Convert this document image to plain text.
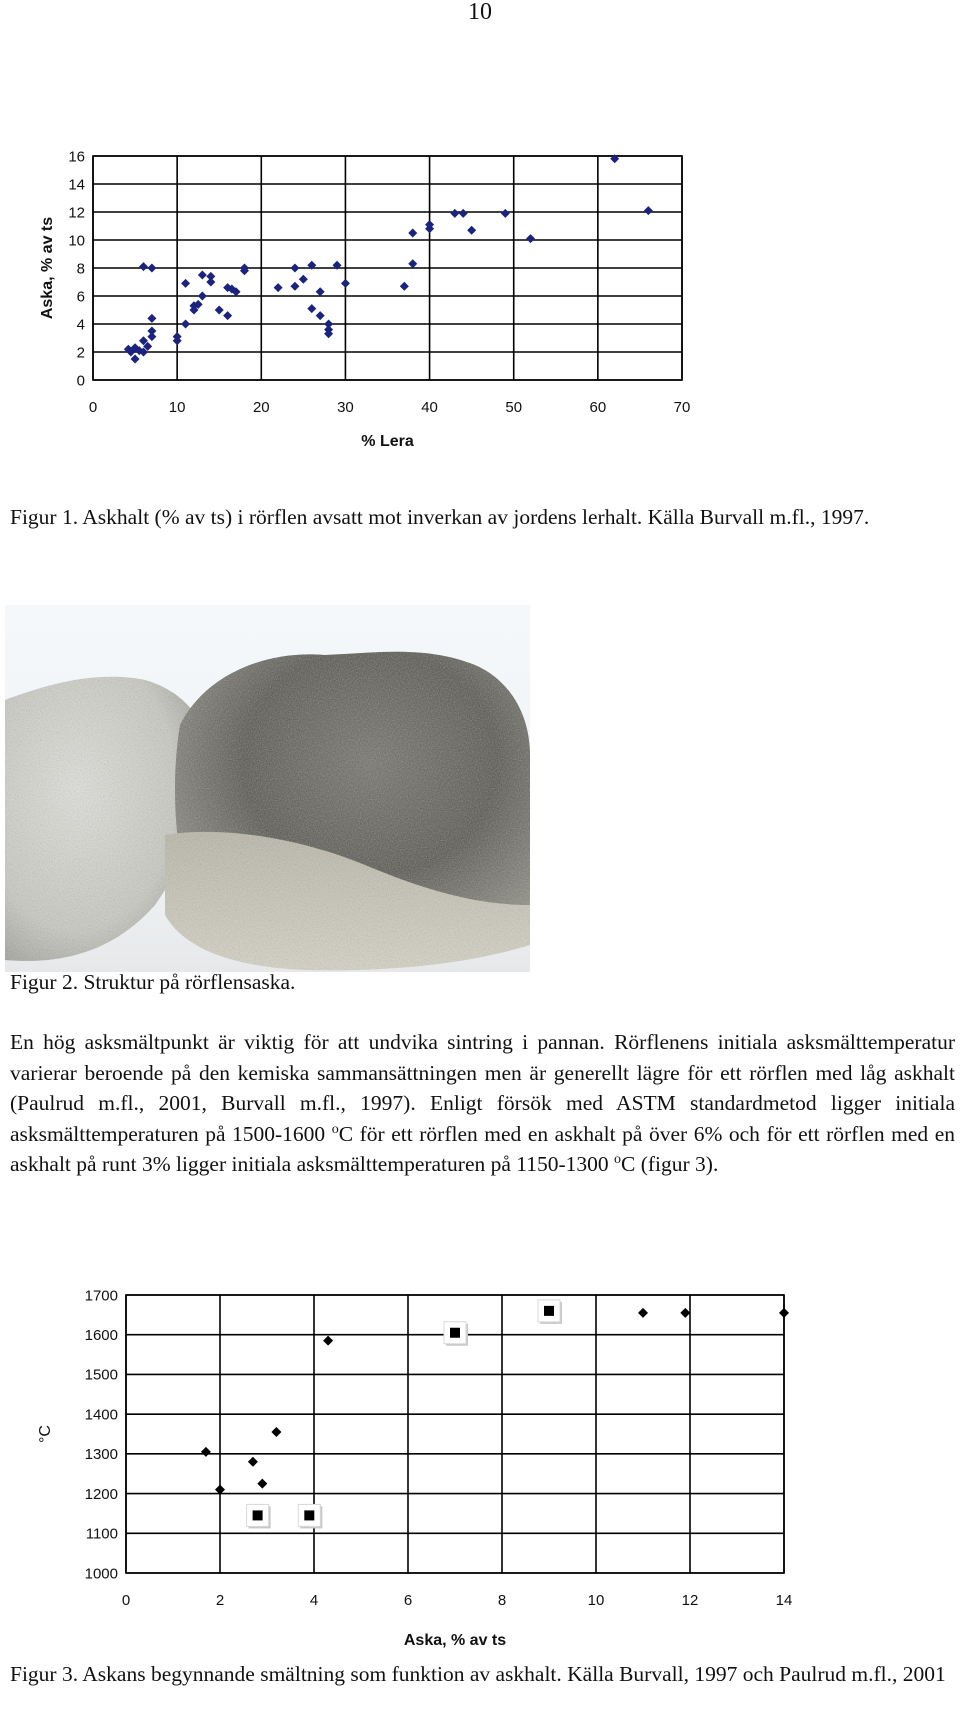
10
0	10	20	30	40	50	60	70
0
2
4
6
8
10
12
14
16
% Lera
Aska, % av ts
Figur 1. Askhalt (% av ts) i rörflen avsatt mot inverkan av jordens lerhalt. Källa Burvall m.fl., 1997.
Figur 2. Struktur på rörflensaska.

En hög asksmältpunkt är viktig för att undvika sintring i pannan. Rörflenens initiala asksmälttemperatur varierar beroende på den kemiska sammansättningen men är generellt lägre för ett rörflen med låg askhalt (Paulrud m.fl., 2001, Burvall m.fl., 1997). Enligt försök med ASTM standardmetod ligger initiala asksmälttemperaturen på 1500-1600 $^o$C för ett rörflen med en askhalt på över 6% och för ett rörflen med en askhalt på runt 3% ligger initiala asksmälttemperaturen på 1150-1300 $^o$C (figur 3).

0	2	4	6	8	10	12	14
1000
1100
1200
1300
1400
1500
1600
1700
Aska, % av ts
°C
Figur 3. Askans begynnande smältning som funktion av askhalt. Källa Burvall, 1997 och Paulrud m.fl., 2001
